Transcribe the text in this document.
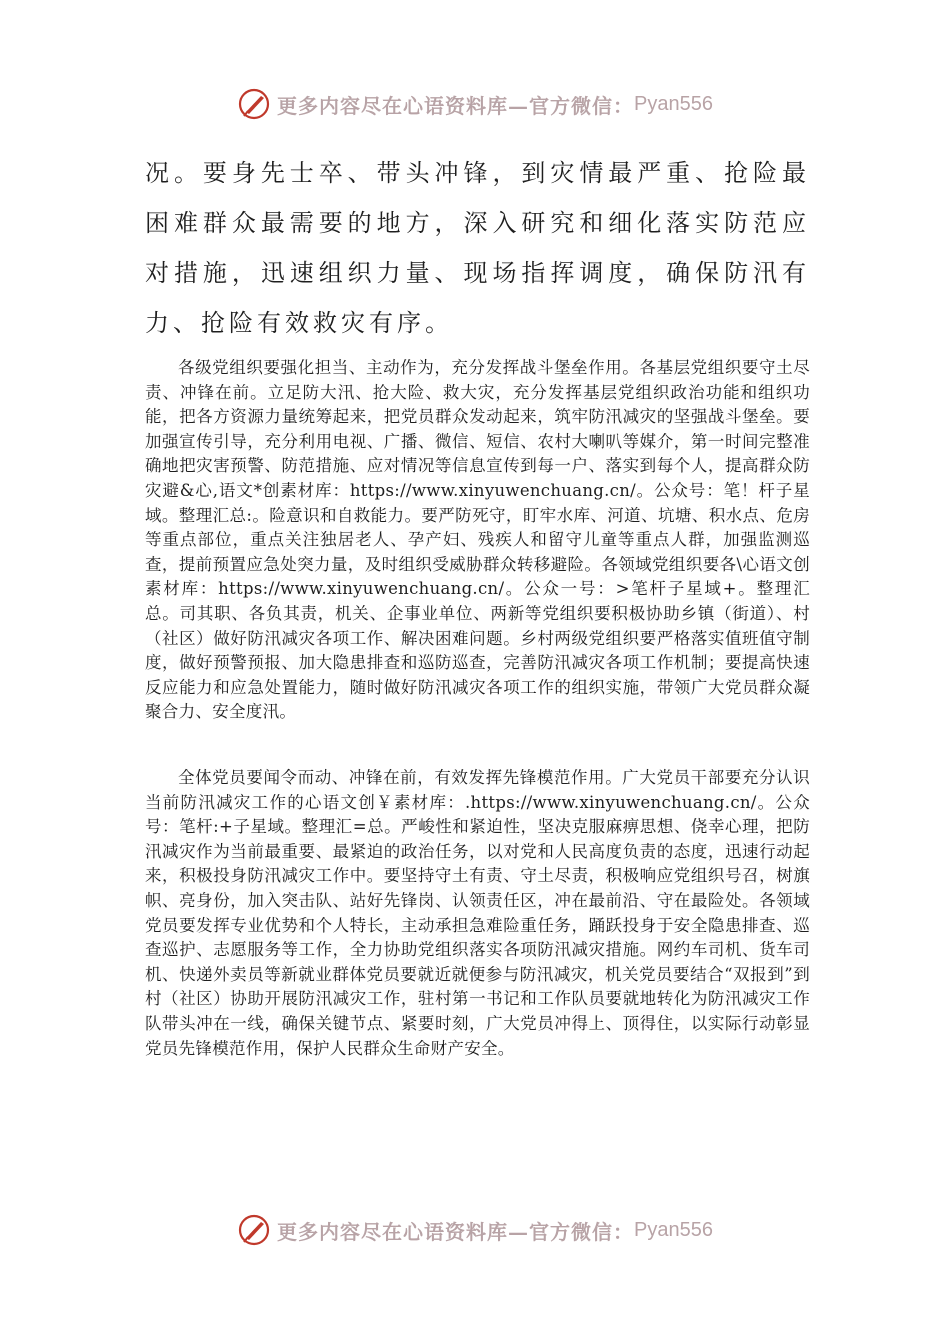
更多内容尽在心语资料库—官方微信： Pyan556

况。要身先士卒、带头冲锋，到灾情最严重、抢险最困难群众最需要的地方，深入研究和细化落实防范应对措施，迅速组织力量、现场指挥调度，确保防汛有力、抢险有效救灾有序。

各级党组织要强化担当、主动作为，充分发挥战斗堡垒作用。各基层党组织要守土尽责、冲锋在前。立足防大汛、抢大险、救大灾，充分发挥基层党组织政治功能和组织功能，把各方资源力量统筹起来，把党员群众发动起来，筑牢防汛减灾的坚强战斗堡垒。要加强宣传引导，充分利用电视、广播、微信、短信、农村大喇叭等媒介，第一时间完整准确地把灾害预警、防范措施、应对情况等信息宣传到每一户、落实到每个人，提高群众防灾避&心,语文*创素材库：https://www.xinyuwenchuang.cn/。公众号：笔！杆子星域。整理汇总:。险意识和自救能力。要严防死守，盯牢水库、河道、坑塘、积水点、危房等重点部位，重点关注独居老人、孕产妇、残疾人和留守儿童等重点人群，加强监测巡查，提前预置应急处突力量，及时组织受威胁群众转移避险。各领域党组织要各\心语文创素材库：https://www.xinyuwenchuang.cn/。公众一号：>笔杆子星域+。整理汇总。司其职、各负其责，机关、企事业单位、两新等党组织要积极协助乡镇（街道）、村（社区）做好防汛减灾各项工作、解决困难问题。乡村两级党组织要严格落实值班值守制度，做好预警预报、加大隐患排查和巡防巡查，完善防汛减灾各项工作机制；要提高快速反应能力和应急处置能力，随时做好防汛减灾各项工作的组织实施，带领广大党员群众凝聚合力、安全度汛。

全体党员要闻令而动、冲锋在前，有效发挥先锋模范作用。广大党员干部要充分认识当前防汛减灾工作的心语文创￥素材库：.https://www.xinyuwenchuang.cn/。公众号：笔杆:+子星域。整理汇=总。严峻性和紧迫性，坚决克服麻痹思想、侥幸心理，把防汛减灾作为当前最重要、最紧迫的政治任务，以对党和人民高度负责的态度，迅速行动起来，积极投身防汛减灾工作中。要坚持守土有责、守土尽责，积极响应党组织号召，树旗帜、亮身份，加入突击队、站好先锋岗、认领责任区，冲在最前沿、守在最险处。各领域党员要发挥专业优势和个人特长，主动承担急难险重任务，踊跃投身于安全隐患排查、巡查巡护、志愿服务等工作，全力协助党组织落实各项防汛减灾措施。网约车司机、货车司机、快递外卖员等新就业群体党员要就近就便参与防汛减灾，机关党员要结合“双报到”到村（社区）协助开展防汛减灾工作，驻村第一书记和工作队员要就地转化为防汛减灾工作队带头冲在一线，确保关键节点、紧要时刻，广大党员冲得上、顶得住，以实际行动彰显党员先锋模范作用，保护人民群众生命财产安全。

更多内容尽在心语资料库—官方微信： Pyan556
